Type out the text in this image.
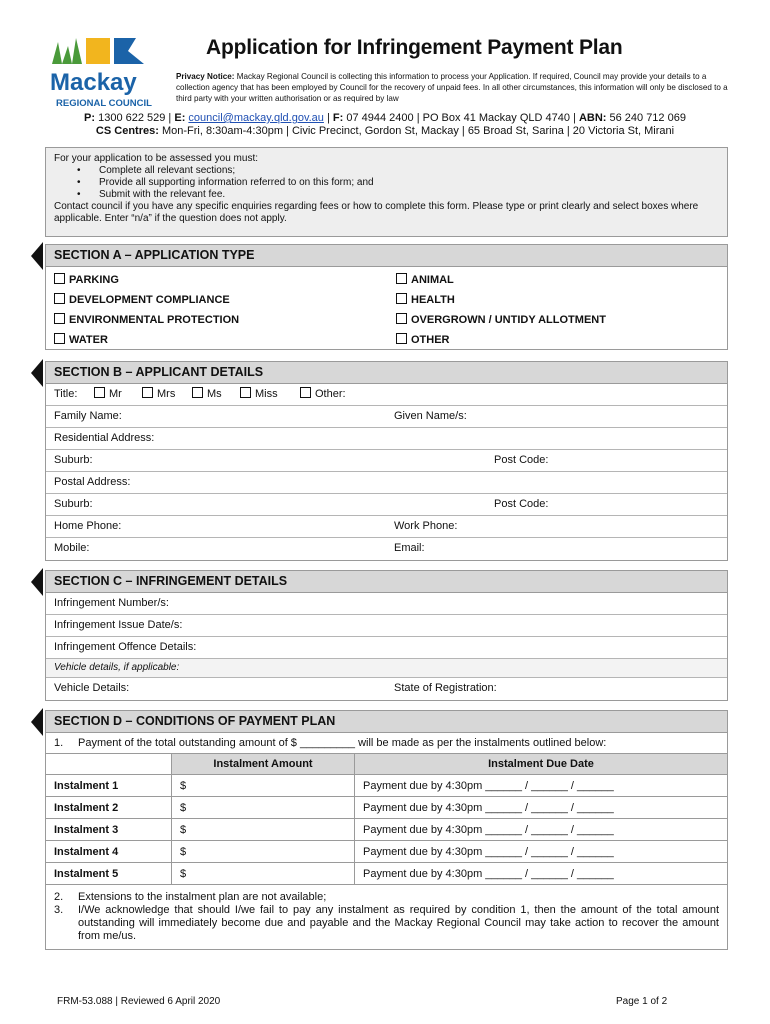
Mackay
REGIONAL COUNCIL
Application for Infringement Payment Plan
Privacy Notice: Mackay Regional Council is collecting this information to process your Application. If required, Council may provide your details to a collection agency that has been employed by Council for the recovery of unpaid fees. In all other circumstances, this information will only be disclosed to a third party with your written authorisation or as required by law
P: 1300 622 529 | E: council@mackay.qld.gov.au | F: 07 4944 2400 | PO Box 41 Mackay QLD 4740 | ABN: 56 240 712 069
CS Centres: Mon-Fri, 8:30am-4:30pm | Civic Precinct, Gordon St, Mackay | 65 Broad St, Sarina | 20 Victoria St, Mirani
For your application to be assessed you must:
• Complete all relevant sections;
• Provide all supporting information referred to on this form; and
• Submit with the relevant fee.
Contact council if you have any specific enquiries regarding fees or how to complete this form. Please type or print clearly and select boxes where applicable. Enter “n/a” if the question does not apply.
SECTION A – APPLICATION TYPE
PARKING	ANIMAL
DEVELOPMENT COMPLIANCE	HEALTH
ENVIRONMENTAL PROTECTION	OVERGROWN / UNTIDY ALLOTMENT
WATER	OTHER
SECTION B – APPLICANT DETAILS
Title:	Mr	Mrs	Ms	Miss	Other:
Family Name:	Given Name/s:
Residential Address:
Suburb:	Post Code:
Postal Address:
Suburb:	Post Code:
Home Phone:	Work Phone:
Mobile:	Email:
SECTION C – INFRINGEMENT DETAILS
Infringement Number/s:
Infringement Issue Date/s:
Infringement Offence Details:
Vehicle details, if applicable:
Vehicle Details:	State of Registration:
SECTION D – CONDITIONS OF PAYMENT PLAN
1. Payment of the total outstanding amount of $ _________ will be made as per the instalments outlined below:
	Instalment Amount	Instalment Due Date
Instalment 1	$	Payment due by 4:30pm ______ / ______ / ______
Instalment 2	$	Payment due by 4:30pm ______ / ______ / ______
Instalment 3	$	Payment due by 4:30pm ______ / ______ / ______
Instalment 4	$	Payment due by 4:30pm ______ / ______ / ______
Instalment 5	$	Payment due by 4:30pm ______ / ______ / ______
2. Extensions to the instalment plan are not available;
3. I/We acknowledge that should I/we fail to pay any instalment as required by condition 1, then the amount of the total amount outstanding will immediately become due and payable and the Mackay Regional Council may take action to recover the amount from me/us.
FRM-53.088 | Reviewed 6 April 2020	Page 1 of 2
